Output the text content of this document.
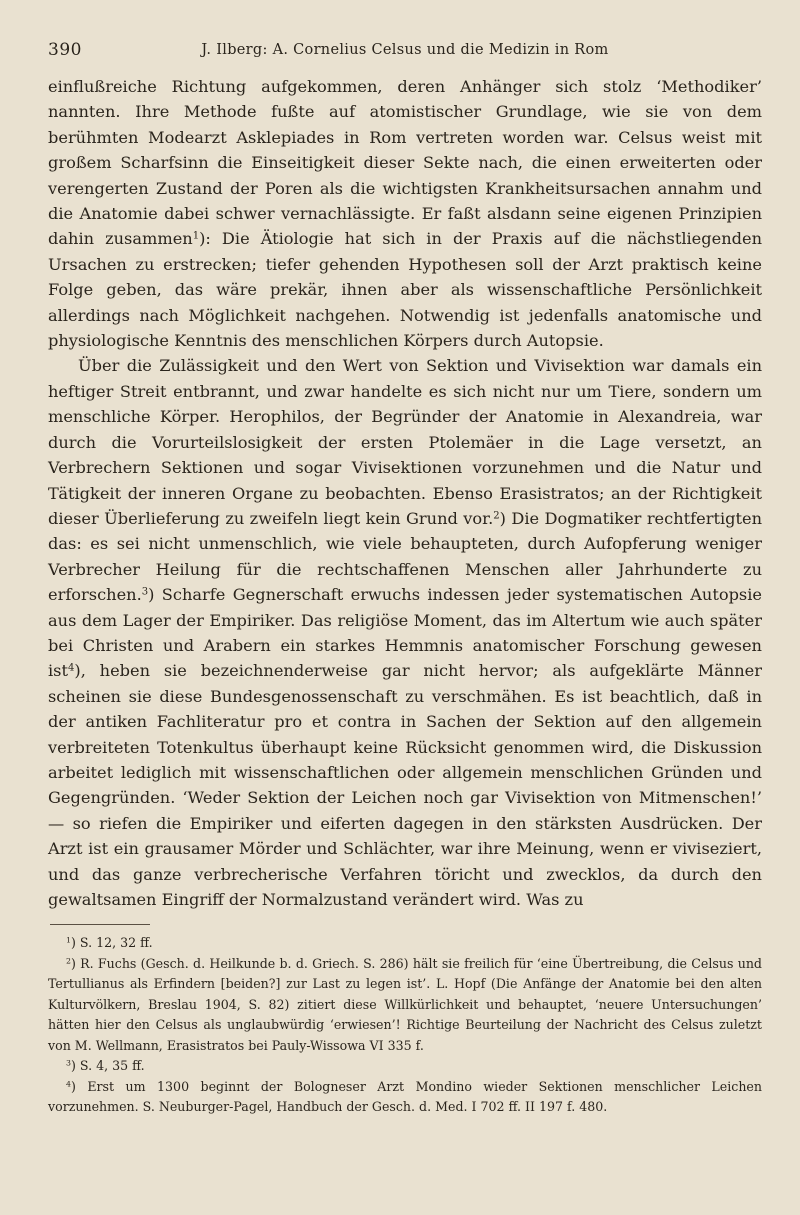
390	J. Ilberg: A. Cornelius Celsus und die Medizin in Rom

einflußreiche Richtung aufgekommen, deren Anhänger sich stolz ‘Methodiker’ nannten. Ihre Methode fußte auf atomistischer Grundlage, wie sie von dem berühmten Modearzt Asklepiades in Rom vertreten worden war. Celsus weist mit großem Scharfsinn die Einseitigkeit dieser Sekte nach, die einen erweiterten oder verengerten Zustand der Poren als die wichtigsten Krankheitsursachen annahm und die Anatomie dabei schwer vernachlässigte. Er faßt alsdann seine eigenen Prinzipien dahin zusammen$^1$): Die Ätiologie hat sich in der Praxis auf die nächstliegenden Ursachen zu erstrecken; tiefer gehenden Hypothesen soll der Arzt praktisch keine Folge geben, das wäre prekär, ihnen aber als wissenschaftliche Persönlichkeit allerdings nach Möglichkeit nachgehen. Notwendig ist jedenfalls anatomische und physiologische Kenntnis des menschlichen Körpers durch Autopsie.

Über die Zulässigkeit und den Wert von Sektion und Vivisektion war damals ein heftiger Streit entbrannt, und zwar handelte es sich nicht nur um Tiere, sondern um menschliche Körper. Herophilos, der Begründer der Anatomie in Alexandreia, war durch die Vorurteilslosigkeit der ersten Ptolemäer in die Lage versetzt, an Verbrechern Sektionen und sogar Vivisektionen vorzunehmen und die Natur und Tätigkeit der inneren Organe zu beobachten. Ebenso Erasistratos; an der Richtigkeit dieser Überlieferung zu zweifeln liegt kein Grund vor.$^2$) Die Dogmatiker rechtfertigten das: es sei nicht unmenschlich, wie viele behaupteten, durch Aufopferung weniger Verbrecher Heilung für die rechtschaffenen Menschen aller Jahrhunderte zu erforschen.$^3$) Scharfe Gegnerschaft erwuchs indessen jeder systematischen Autopsie aus dem Lager der Empiriker. Das religiöse Moment, das im Altertum wie auch später bei Christen und Arabern ein starkes Hemmnis anatomischer Forschung gewesen ist$^4$), heben sie bezeichnenderweise gar nicht hervor; als aufgeklärte Männer scheinen sie diese Bundesgenossenschaft zu verschmähen. Es ist beachtlich, daß in der antiken Fachliteratur pro et contra in Sachen der Sektion auf den allgemein verbreiteten Totenkultus überhaupt keine Rücksicht genommen wird, die Diskussion arbeitet lediglich mit wissenschaftlichen oder allgemein menschlichen Gründen und Gegengründen. ‘Weder Sektion der Leichen noch gar Vivisektion von Mitmenschen!’ — so riefen die Empiriker und eiferten dagegen in den stärksten Ausdrücken. Der Arzt ist ein grausamer Mörder und Schlächter, war ihre Meinung, wenn er viviseziert, und das ganze verbrecherische Verfahren töricht und zwecklos, da durch den gewaltsamen Eingriff der Normalzustand verändert wird. Was zu

$^1$) S. 12, 32 ff.

$^2$) R. Fuchs (Gesch. d. Heilkunde b. d. Griech. S. 286) hält sie freilich für ‘eine Übertreibung, die Celsus und Tertullianus als Erfindern [beiden?] zur Last zu legen ist’. L. Hopf (Die Anfänge der Anatomie bei den alten Kulturvölkern, Breslau 1904, S. 82) zitiert diese Willkürlichkeit und behauptet, ‘neuere Untersuchungen’ hätten hier den Celsus als unglaubwürdig ‘erwiesen’! Richtige Beurteilung der Nachricht des Celsus zuletzt von M. Wellmann, Erasistratos bei Pauly-Wissowa VI 335 f.

$^3$) S. 4, 35 ff.

$^4$) Erst um 1300 beginnt der Bologneser Arzt Mondino wieder Sektionen menschlicher Leichen vorzunehmen. S. Neuburger-Pagel, Handbuch der Gesch. d. Med. I 702 ff. II 197 f. 480.
